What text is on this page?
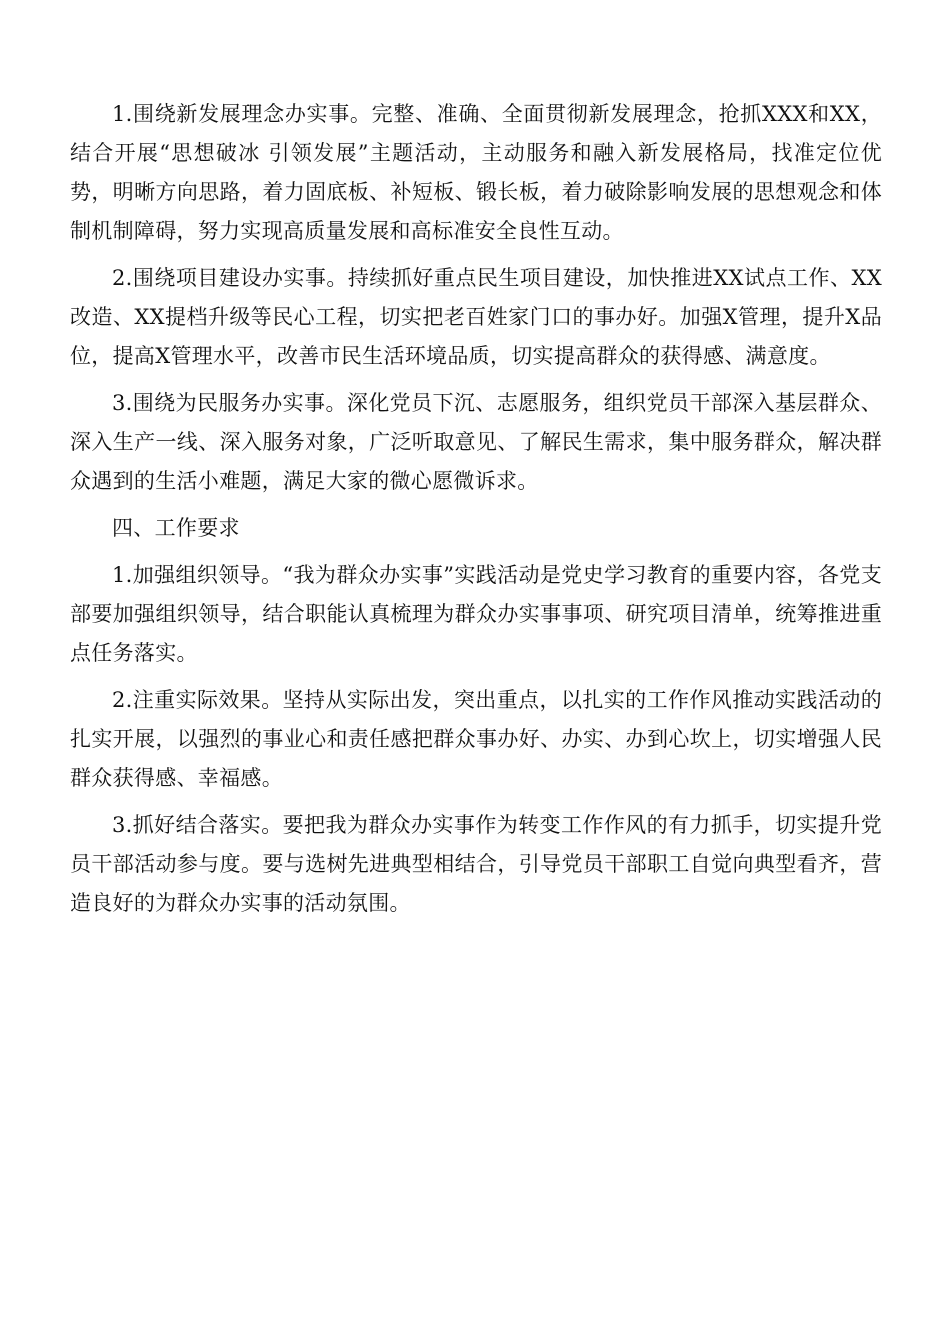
1.围绕新发展理念办实事。完整、准确、全面贯彻新发展理念，抢抓XXX和XX，结合开展“思想破冰 引领发展”主题活动，主动服务和融入新发展格局，找准定位优势，明晰方向思路，着力固底板、补短板、锻长板，着力破除影响发展的思想观念和体制机制障碍，努力实现高质量发展和高标准安全良性互动。

2.围绕项目建设办实事。持续抓好重点民生项目建设，加快推进XX试点工作、XX改造、XX提档升级等民心工程，切实把老百姓家门口的事办好。加强X管理，提升X品位，提高X管理水平，改善市民生活环境品质，切实提高群众的获得感、满意度。

3.围绕为民服务办实事。深化党员下沉、志愿服务，组织党员干部深入基层群众、深入生产一线、深入服务对象，广泛听取意见、了解民生需求，集中服务群众，解决群众遇到的生活小难题，满足大家的微心愿微诉求。

四、工作要求

1.加强组织领导。“我为群众办实事”实践活动是党史学习教育的重要内容，各党支部要加强组织领导，结合职能认真梳理为群众办实事事项、研究项目清单，统筹推进重点任务落实。

2.注重实际效果。坚持从实际出发，突出重点，以扎实的工作作风推动实践活动的扎实开展，以强烈的事业心和责任感把群众事办好、办实、办到心坎上，切实增强人民群众获得感、幸福感。

3.抓好结合落实。要把我为群众办实事作为转变工作作风的有力抓手，切实提升党员干部活动参与度。要与选树先进典型相结合，引导党员干部职工自觉向典型看齐，营造良好的为群众办实事的活动氛围。
